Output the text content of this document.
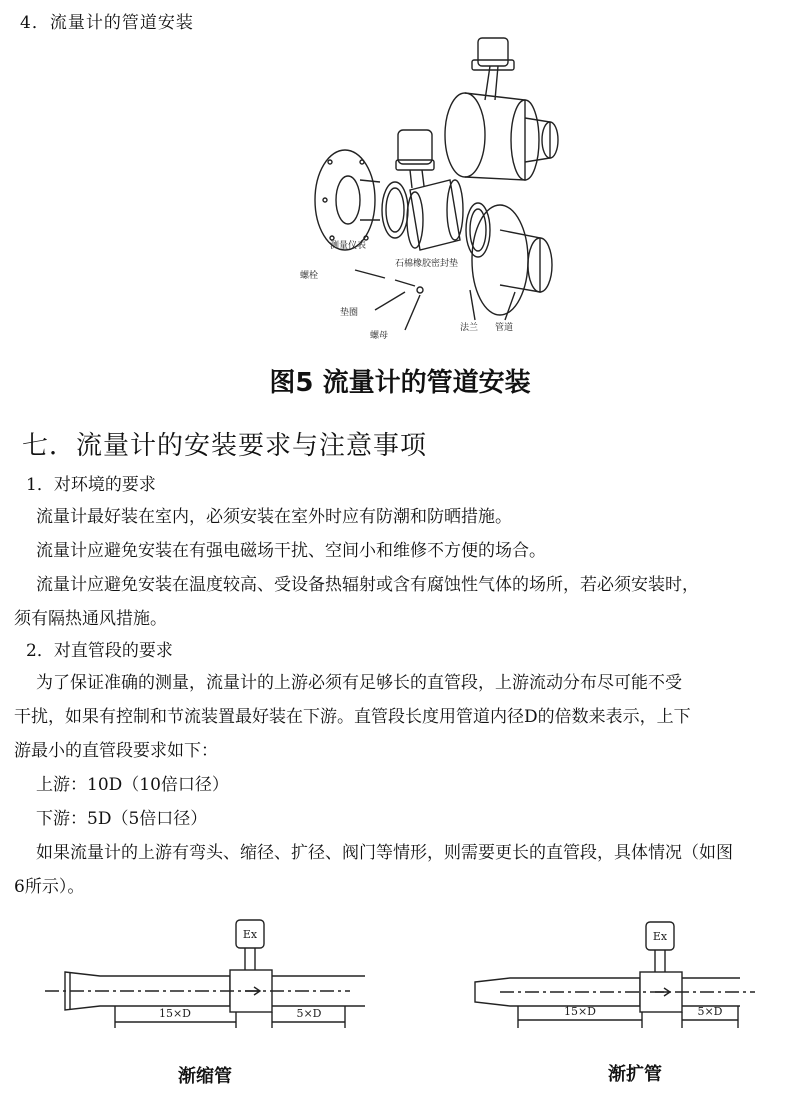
4．流量计的管道安装
测量仪表
螺栓
石棉橡胶密封垫
垫圈
螺母
法兰 管道
图5 流量计的管道安装
七．流量计的安装要求与注意事项
1．对环境的要求

流量计最好装在室内，必须安装在室外时应有防潮和防晒措施。

流量计应避免安装在有强电磁场干扰、空间小和维修不方便的场合。

流量计应避免安装在温度较高、受设备热辐射或含有腐蚀性气体的场所，若必须安装时，

须有隔热通风措施。

2．对直管段的要求

为了保证准确的测量，流量计的上游必须有足够长的直管段，上游流动分布尽可能不受

干扰，如果有控制和节流装置最好装在下游。直管段长度用管道内径D的倍数来表示，上下

游最小的直管段要求如下：

上游：10D（10倍口径）

下游：5D（5倍口径）

如果流量计的上游有弯头、缩径、扩径、阀门等情形，则需要更长的直管段，具体情况（如图

6所示）。

Ex
15×D	5×D
Ex
15×D	5×D
渐缩管	渐扩管
